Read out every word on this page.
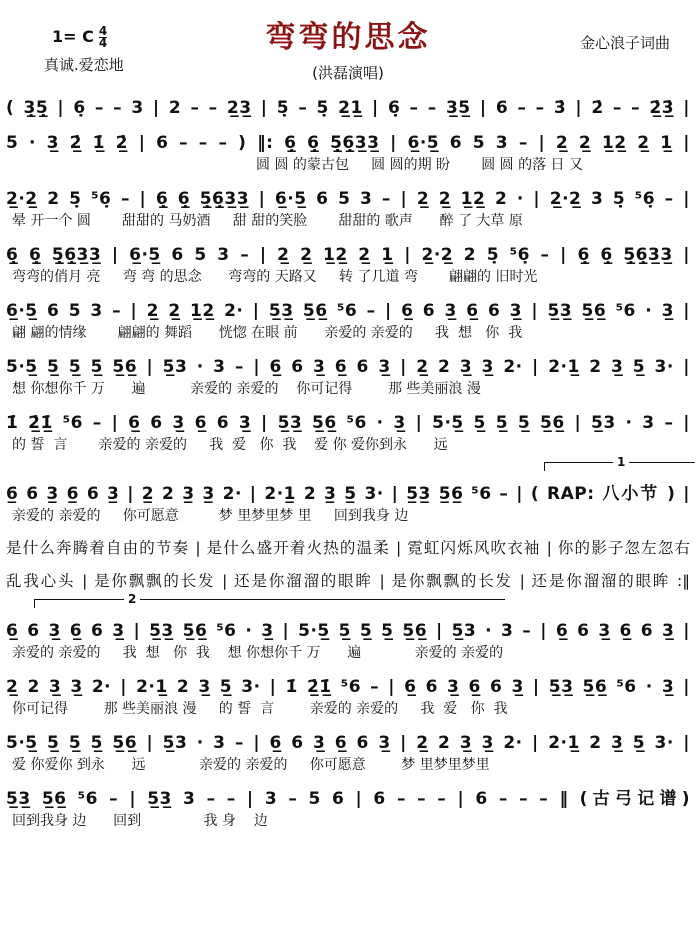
1= C $\frac{4}{4}$
真诚.爱恋地
弯弯的思念
(洪磊演唱)
金心浪子词曲
( 3̲̣5̲̣ | 6̣ – – 3 | 2 – – 2̲3̲ | 5̣ – 5̣ 2̲1̲ | 6̣ – – 3̲5̲ | 6 – – 3̇ | 2̇ – – 2̲̇3̲̇ |
5 · 3̲ 2̲̇ 1̲̇ 2̲̇ | 6 – – – ) ‖: 6̲̣ 6̲̣ 5̲̣6̲̣3̲3̲ | 6̲·5̲ 6 5 3 – | 2̲ 2̲ 1̲2̲ 2̲ 1̲ |
圆 圆 的蒙古包     圆 圆的期 盼       圆 圆 的落 日 又
2̲·2̲ 2 5̣ ⁵6̣ – | 6̲̣ 6̲̣ 5̲̣6̲̣3̲3̲ | 6̲·5̲ 6 5 3 – | 2̲ 2̲ 1̲2̲ 2 · | 2̲·2̲ 3 5̣ ⁵6̣ – |
晕 开一个 圆       甜甜的 马奶酒     甜 甜的笑脸       甜甜的 歌声      醉 了 大草 原
6̲̣ 6̲̣ 5̲̣6̲̣3̲3̲ | 6̲·5̲ 6 5 3 – | 2̲ 2̲ 1̲2̲ 2̲ 1̲ | 2̲·2̲ 2 5̣ ⁵6̣ – | 6̲̣ 6̲̣ 5̲̣6̲̣3̲3̲ |
弯弯的俏月 亮     弯 弯 的思念      弯弯的 天路又     转 了几道 弯       翩翩的 旧时光
6̲·5̲ 6 5 3 – | 2̲ 2̲ 1̲2̲ 2· | 5̲3̲ 5̲6̲ ⁵6 – | 6̲ 6 3̲ 6̲ 6 3̲ | 5̲3̲ 5̲6̲ ⁵6 · 3̲ |
翩 翩的情缘       翩翩的 舞蹈      恍惚 在眼 前      亲爱的 亲爱的     我  想   你  我
5·5̲ 5̲ 5̲ 5̲ 5̲6̲ | 5̲3 · 3 – | 6̲ 6 3̲ 6̲ 6 3̲ | 2̲ 2 3̲ 3̲ 2· | 2·1̲ 2 3̲ 5̲ 3· |
想 你想你千 万      遍          亲爱的 亲爱的    你可记得        那 些美丽浪 漫
1̇ 2̲̇1̲̇ ⁵6 – | 6̲ 6 3̲ 6̲ 6 3̲ | 5̲3̲ 5̲6̲ ⁵6 · 3̲ | 5·5̲ 5̲ 5̲ 5̲ 5̲6̲ | 5̲3 · 3 – |
的 誓  言       亲爱的 亲爱的     我  爱   你  我    爱 你 爱你到永      远
1
6̲ 6 3̲ 6̲ 6 3̲ | 2̲ 2 3̲ 3̲ 2· | 2·1̲ 2 3̲ 5̲ 3· | 5̲3̲ 5̲6̲ ⁵6 – | ( RAP: 八小节 ) |
亲爱的 亲爱的     你可愿意         梦 里梦里梦 里     回到我身 边
是什么奔腾着自由的节奏 | 是什么盛开着火热的温柔 | 霓虹闪烁风吹衣袖 | 你的影子忽左忽右
乱我心头 | 是你飘飘的长发 | 还是你溜溜的眼眸 | 是你飘飘的长发 | 还是你溜溜的眼眸 :‖
2
6̲ 6 3̲ 6̲ 6 3̲ | 5̲3̲ 5̲6̲ ⁵6 · 3̲ | 5·5̲ 5̲ 5̲ 5̲ 5̲6̲ | 5̲3 · 3 – | 6̲ 6 3̲ 6̲ 6 3̲ |
亲爱的 亲爱的     我  想   你  我    想 你想你千 万      遍            亲爱的 亲爱的
2̲ 2 3̲ 3̲ 2· | 2·1̲ 2 3̲ 5̲ 3· | 1̇ 2̲̇1̲̇ ⁵6 – | 6̲ 6 3̲ 6̲ 6 3̲ | 5̲3̲ 5̲6̲ ⁵6 · 3̲ |
你可记得        那 些美丽浪 漫     的 誓  言        亲爱的 亲爱的     我  爱   你  我
5·5̲ 5̲ 5̲ 5̲ 5̲6̲ | 5̲3 · 3 – | 6̲ 6 3̲ 6̲ 6 3̲ | 2̲ 2 3̲ 3̲ 2· | 2·1̲ 2 3̲ 5̲ 3· |
爱 你爱你 到永      远            亲爱的 亲爱的     你可愿意        梦 里梦里梦里
5̲3̲ 5̲6̲ ⁵6 – | 5̲3̲ 3 – – | 3 – 5 6 | 6 – – – | 6 – – – ‖ (古弓记谱)
回到我身 边      回到              我 身    边
